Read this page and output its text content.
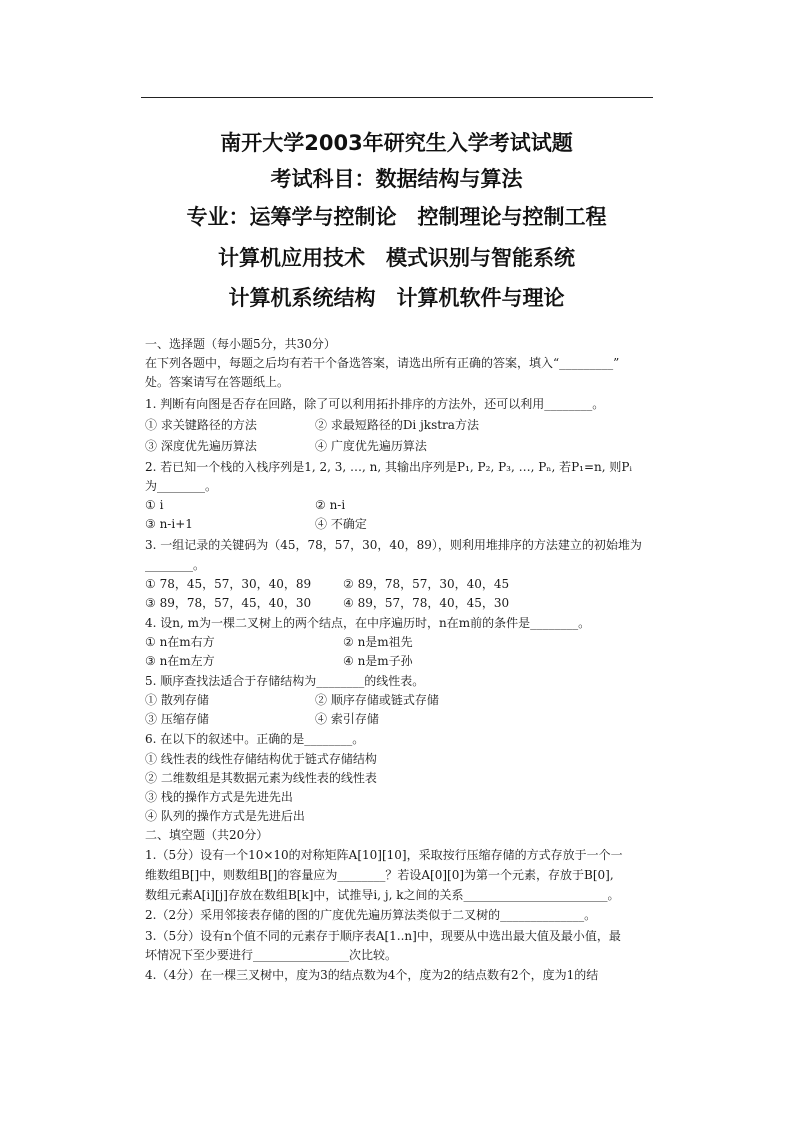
南开大学2003年研究生入学考试试题
考试科目：数据结构与算法
专业：运筹学与控制论　控制理论与控制工程
计算机应用技术　模式识别与智能系统
计算机系统结构　计算机软件与理论
一、选择题（每小题5分，共30分）
在下列各题中，每题之后均有若干个备选答案，请选出所有正确的答案，填入“_________”
处。答案请写在答题纸上。
1. 判断有向图是否存在回路，除了可以利用拓扑排序的方法外，还可以利用________。
① 求关键路径的方法	② 求最短路径的Di jkstra方法
③ 深度优先遍历算法	④ 广度优先遍历算法
2. 若已知一个栈的入栈序列是1, 2, 3, …, n, 其输出序列是P₁, P₂, P₃, …, Pₙ, 若P₁=n, 则Pᵢ
为________。
① i	② n-i
③ n-i+1	④ 不确定
3. 一组记录的关键码为（45，78，57，30，40，89），则利用堆排序的方法建立的初始堆为
________。
① 78，45，57，30，40，89	② 89，78，57，30，40，45
③ 89，78，57，45，40，30	④ 89，57，78，40，45，30
4. 设n, m为一棵二叉树上的两个结点，在中序遍历时，n在m前的条件是________。
① n在m右方	② n是m祖先
③ n在m左方	④ n是m子孙
5. 顺序查找法适合于存储结构为________的线性表。
① 散列存储	② 顺序存储或链式存储
③ 压缩存储	④ 索引存储
6. 在以下的叙述中。正确的是________。
① 线性表的线性存储结构优于链式存储结构
② 二维数组是其数据元素为线性表的线性表
③ 栈的操作方式是先进先出
④ 队列的操作方式是先进后出
二、填空题（共20分）
1.（5分）设有一个10×10的对称矩阵A[10][10]，采取按行压缩存储的方式存放于一个一
维数组B[]中，则数组B[]的容量应为________？若设A[0][0]为第一个元素，存放于B[0],
数组元素A[i][j]存放在数组B[k]中，试推导i, j, k之间的关系________________________。
2.（2分）采用邻接表存储的图的广度优先遍历算法类似于二叉树的______________。
3.（5分）设有n个值不同的元素存于顺序表A[1..n]中，现要从中选出最大值及最小值，最
坏情况下至少要进行________________次比较。
4.（4分）在一棵三叉树中，度为3的结点数为4个，度为2的结点数有2个，度为1的结
